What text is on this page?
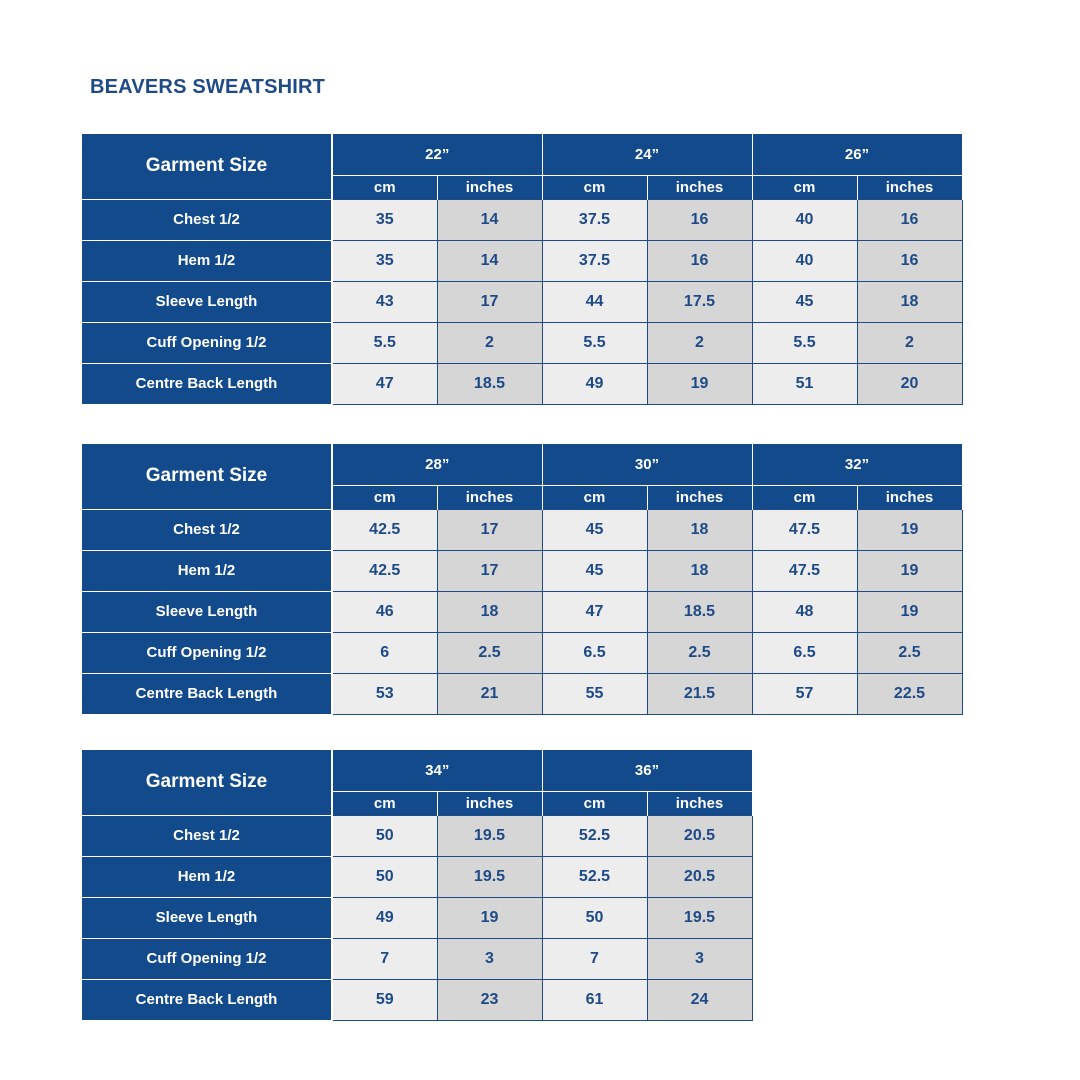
BEAVERS SWEATSHIRT
Garment Size	22”		24”		26”	
	cm	inches	cm	inches	cm	inches
Chest 1/2	35	14	37.5	16	40	16
Hem 1/2	35	14	37.5	16	40	16
Sleeve Length	43	17	44	17.5	45	18
Cuff Opening 1/2	5.5	2	5.5	2	5.5	2
Centre Back Length	47	18.5	49	19	51	20
Garment Size	28”		30”		32”	
	cm	inches	cm	inches	cm	inches
Chest 1/2	42.5	17	45	18	47.5	19
Hem 1/2	42.5	17	45	18	47.5	19
Sleeve Length	46	18	47	18.5	48	19
Cuff Opening 1/2	6	2.5	6.5	2.5	6.5	2.5
Centre Back Length	53	21	55	21.5	57	22.5
Garment Size	34”		36”	
	cm	inches	cm	inches
Chest 1/2	50	19.5	52.5	20.5
Hem 1/2	50	19.5	52.5	20.5
Sleeve Length	49	19	50	19.5
Cuff Opening 1/2	7	3	7	3
Centre Back Length	59	23	61	24
